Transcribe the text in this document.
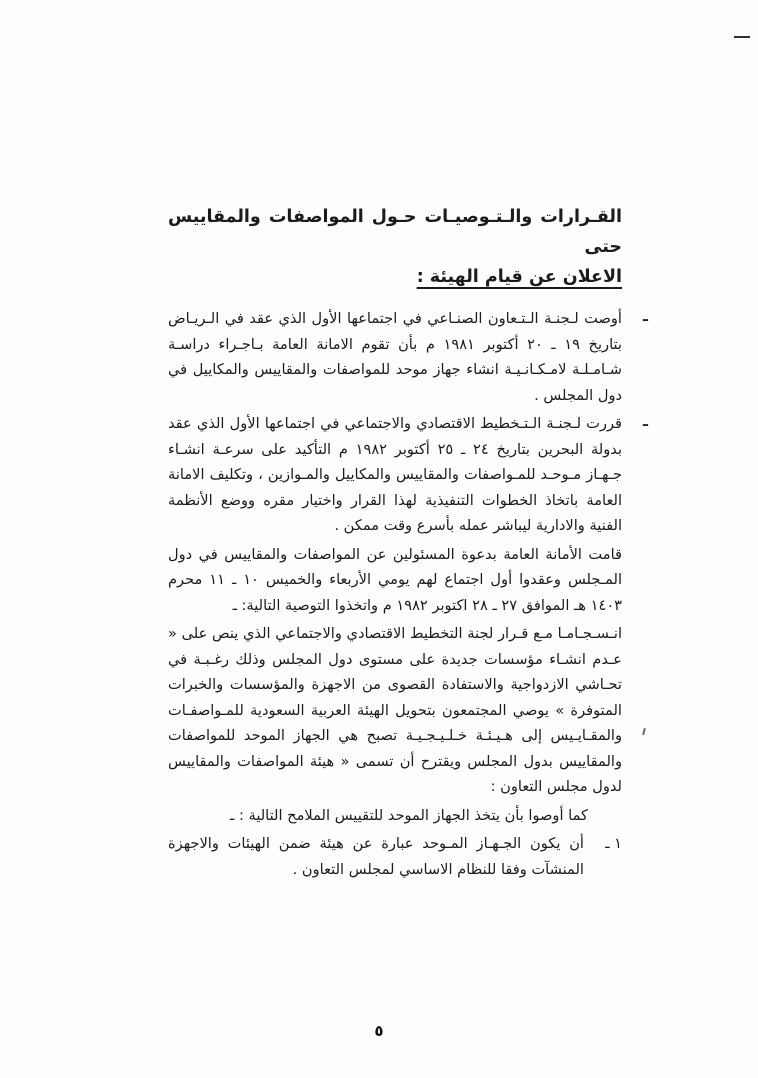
القـرارات والـتـوصيـات حـول المواصفات والمقاييس حتى
الاعلان عن قيام الهيئة :
ـ
أوصت لـجنـة الـتـعاون الصنـاعي في اجتماعها الأول الذي عقد في الـريـاض بتاريخ ١٩ ـ ٢٠ أكتوبر ١٩٨١ م بأن تقوم الامانة العامة بـاجـراء دراسـة شـامـلـة لامـكـانـيـة انشاء جهاز موحد للمواصفات والمقاييس والمكاييل في دول المجلس .
ـ
قررت لـجنـة الـتـخطيط الاقتصادي والاجتماعي في اجتماعها الأول الذي عقد بدولة البحرين بتاريخ ٢٤ ـ ٢٥ أكتوبر ١٩٨٢ م التأكيد على سرعـة انشـاء جـهـاز مـوحـد للمـواصفات والمقاييس والمكاييل والمـوازين ، وتكليف الامانة العامة باتخاذ الخطوات التنفيذية لهذا القرار واختيار مقره ووضع الأنظمة الفنية والادارية ليباشر عمله بأسرع وقت ممكن .
قامت الأمانة العامة بدعوة المسئولين عن المواصفات والمقاييس في دول المـجلس وعقدوا أول اجتماع لهم يومي الأربعاء والخميس ١٠ ـ ١١ محرم ١٤٠٣ هـ الموافق ٢٧ ـ ٢٨ اكتوبر ١٩٨٢ م واتخذوا التوصية التالية: ـ
انـسـجـامـا مـع قـرار لجنة التخطيط الاقتصادي والاجتماعي الذي ينص على « عـدم انشـاء مؤسسات جديدة على مستوى دول المجلس وذلك رغـبـة في تحـاشي الازدواجية والاستفادة القصوى من الاجهزة والمؤسسات والخبرات المتوفرة » يوصي المجتمعون بتحويل الهيئة العربية السعودية للمـواصفـات والمقـايـيس إلى هـيـئـة خـلـيـجـيـة تصبح هي الجهاز الموحد للمواصفات والمقاييس بدول المجلس ويقترح أن تسمى « هيئة المواصفات والمقاييس لدول مجلس التعاون :
كما أوصوا بأن يتخذ الجهاز الموحد للتقييس الملامح التالية : ـ
١ ـ
أن يكون الجـهـاز المـوحد عبارة عن هيئة ضمن الهيئات والاجهزة المنشآت وفقا للنظام الاساسي لمجلس التعاون .
٥
